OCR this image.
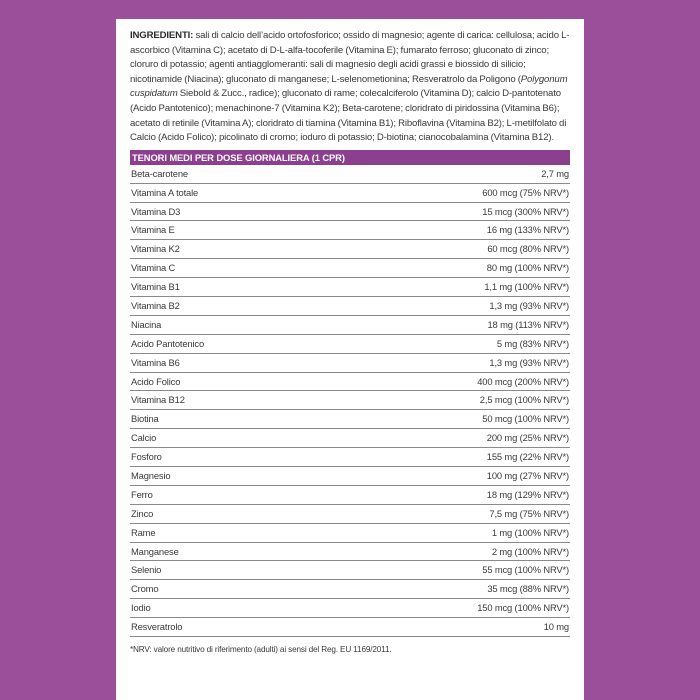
INGREDIENTI: sali di calcio dell’acido ortofosforico; ossido di magnesio; agente di carica: cellulosa; acido L-ascorbico (Vitamina C); acetato di D-L-alfa-tocoferile (Vitamina E); fumarato ferroso; gluconato di zinco; cloruro di potassio; agenti antiagglomeranti: sali di magnesio degli acidi grassi e biossido di silicio; nicotinamide (Niacina); gluconato di manganese; L-selenometionina; Resveratrolo da Poligono (Polygonum cuspidatum Siebold & Zucc., radice); gluconato di rame; colecalciferolo (Vitamina D); calcio D-pantotenato (Acido Pantotenico); menachinone-7 (Vitamina K2); Beta-carotene; cloridrato di piridossina (Vitamina B6); acetato di retinile (Vitamina A); cloridrato di tiamina (Vitamina B1); Riboflavina (Vitamina B2); L-metilfolato di Calcio (Acido Folico); picolinato di cromo; ioduro di potassio; D-biotina; cianocobalamina (Vitamina B12).

TENORI MEDI PER DOSE GIORNALIERA (1 CPR)
Beta-carotene	2,7 mg
Vitamina A totale	600 mcg (75% NRV*)
Vitamina D3	15 mcg (300% NRV*)
Vitamina E	16 mg (133% NRV*)
Vitamina K2	60 mcg (80% NRV*)
Vitamina C	80 mg (100% NRV*)
Vitamina B1	1,1 mg (100% NRV*)
Vitamina B2	1,3 mg (93% NRV*)
Niacina	18 mg (113% NRV*)
Acido Pantotenico	5 mg (83% NRV*)
Vitamina B6	1,3 mg (93% NRV*)
Acido Folico	400 mcg (200% NRV*)
Vitamina B12	2,5 mcg (100% NRV*)
Biotina	50 mcg (100% NRV*)
Calcio	200 mg (25% NRV*)
Fosforo	155 mg (22% NRV*)
Magnesio	100 mg (27% NRV*)
Ferro	18 mg (129% NRV*)
Zinco	7,5 mg (75% NRV*)
Rame	1 mg (100% NRV*)
Manganese	2 mg (100% NRV*)
Selenio	55 mcg (100% NRV*)
Cromo	35 mcg (88% NRV*)
Iodio	150 mcg (100% NRV*)
Resveratrolo	10 mg
*NRV: valore nutritivo di riferimento (adulti) ai sensi del Reg. EU 1169/2011.
